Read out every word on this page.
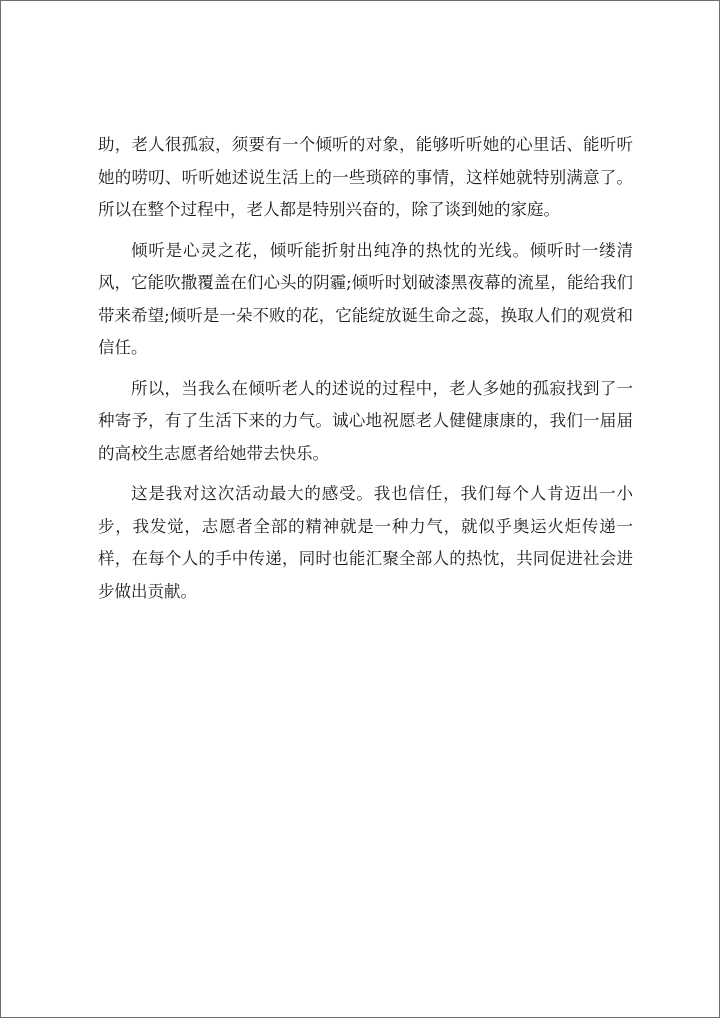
助，老人很孤寂，须要有一个倾听的对象，能够听听她的心里话、能听听她的唠叨、听听她述说生活上的一些琐碎的事情，这样她就特别满意了。所以在整个过程中，老人都是特别兴奋的，除了谈到她的家庭。

倾听是心灵之花，倾听能折射出纯净的热忱的光线。倾听时一缕清风，它能吹撒覆盖在们心头的阴霾;倾听时划破漆黑夜幕的流星，能给我们带来希望;倾听是一朵不败的花，它能绽放诞生命之蕊，换取人们的观赏和信任。

所以，当我么在倾听老人的述说的过程中，老人多她的孤寂找到了一种寄予，有了生活下来的力气。诚心地祝愿老人健健康康的，我们一届届的高校生志愿者给她带去快乐。

这是我对这次活动最大的感受。我也信任，我们每个人肯迈出一小步，我发觉，志愿者全部的精神就是一种力气，就似乎奥运火炬传递一样，在每个人的手中传递，同时也能汇聚全部人的热忱，共同促进社会进步做出贡献。
